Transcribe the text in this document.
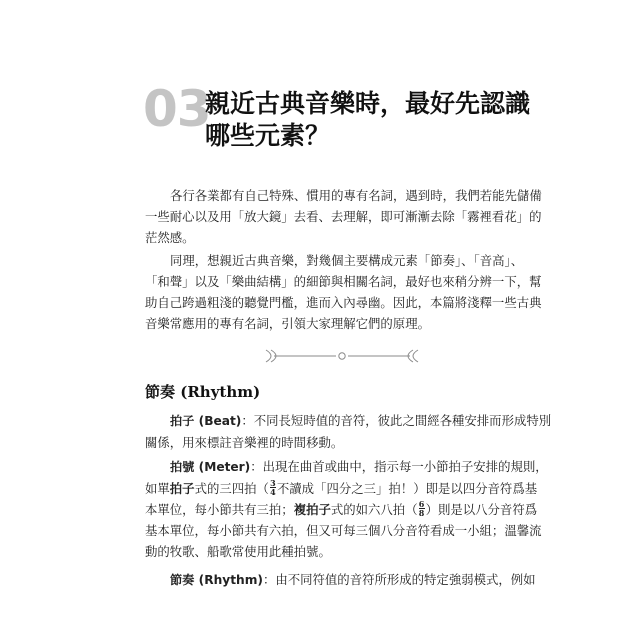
03
親近古典音樂時，最好先認識
哪些元素？
各行各業都有自己特殊、慣用的專有名詞，遇到時，我們若能先儲備
一些耐心以及用「放大鏡」去看、去理解，即可漸漸去除「霧裡看花」的
茫然感。
同理，想親近古典音樂，對幾個主要構成元素「節奏」、「音高」、
「和聲」以及「樂曲結構」的細節與相關名詞，最好也來稍分辨一下，幫
助自己跨過粗淺的聽覺門檻，進而入內尋幽。因此，本篇將淺釋一些古典
音樂常應用的專有名詞，引領大家理解它們的原理。
節奏 (Rhythm)
拍子 (Beat)：不同長短時值的音符，彼此之間經各種安排而形成特別
關係，用來標註音樂裡的時間移動。
拍號 (Meter)：出現在曲首或曲中，指示每一小節拍子安排的規則，
如單拍子式的三四拍（ $\frac{3}{4}$ 不讀成「四分之三」拍！）即是以四分音符爲基
本單位，每小節共有三拍；複拍子式的如六八拍（ $\frac{6}{8}$ ）則是以八分音符爲
基本單位，每小節共有六拍，但又可每三個八分音符看成一小組；溫馨流
動的牧歌、船歌常使用此種拍號。
節奏 (Rhythm)：由不同符值的音符所形成的特定強弱模式，例如
